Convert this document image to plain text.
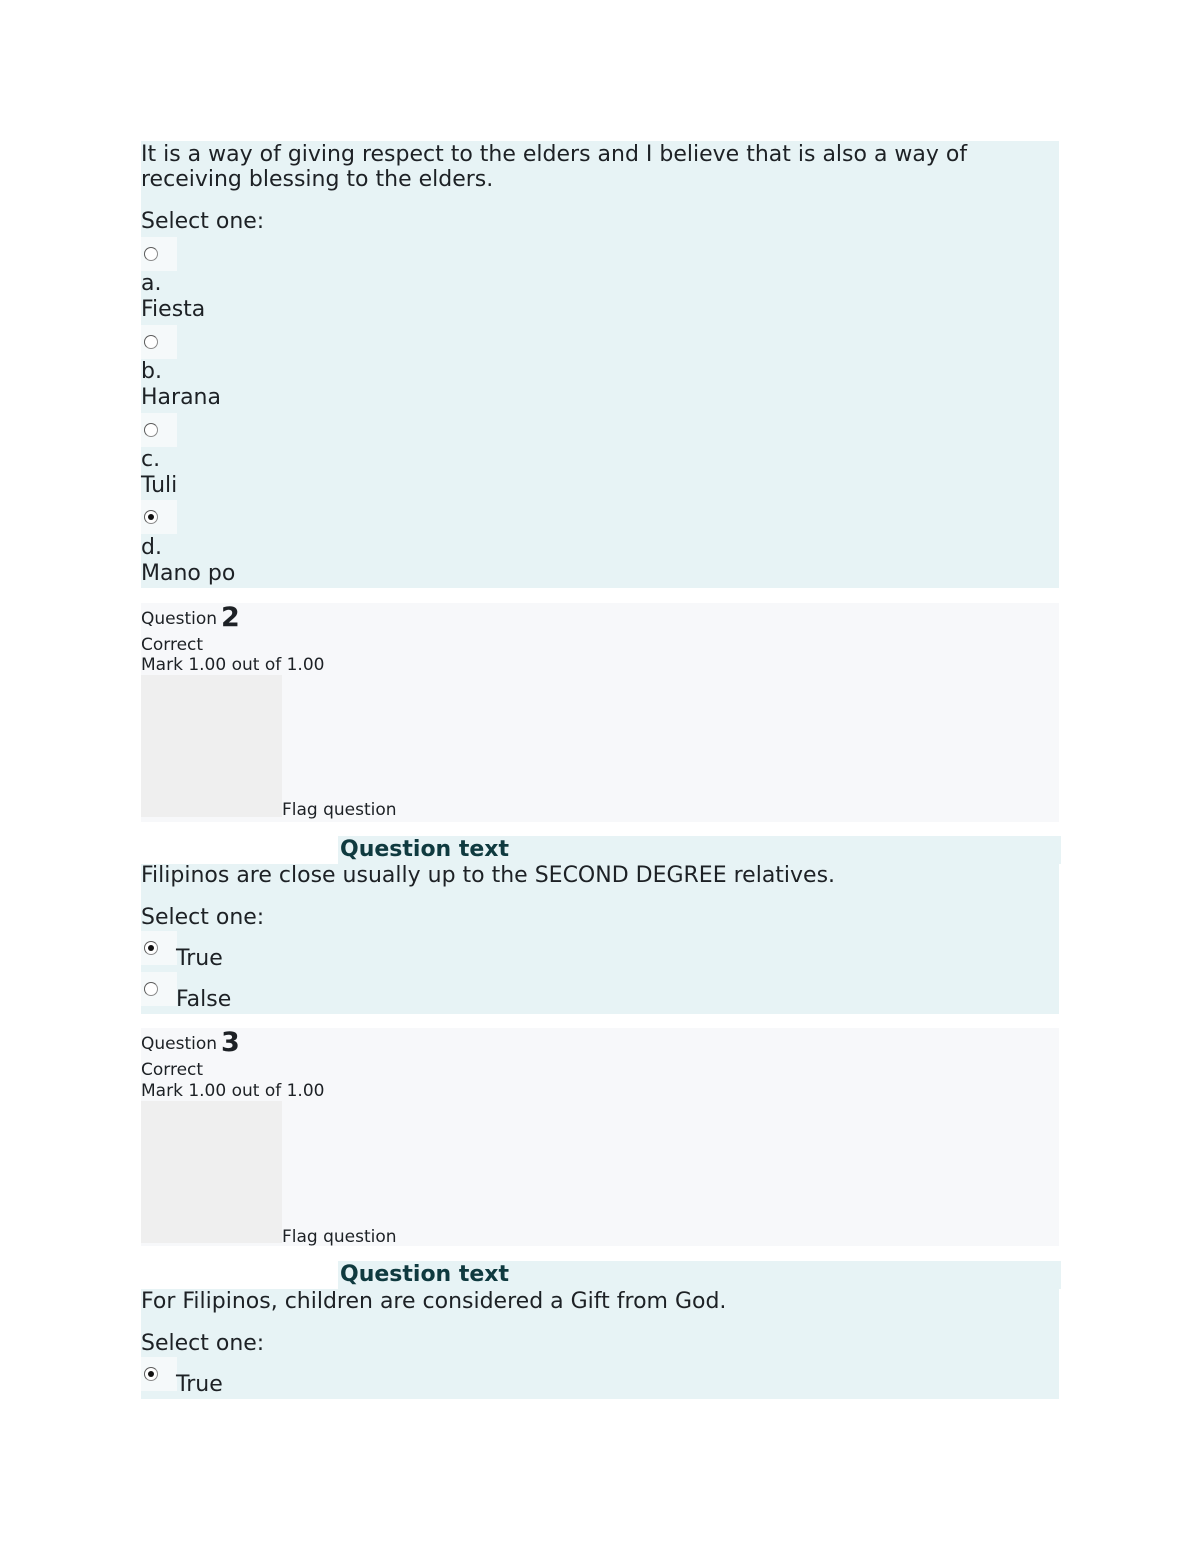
It is a way of giving respect to the elders and I believe that is also a way of
receiving blessing to the elders.
Select one:
a.
Fiesta
b.
Harana
c.
Tuli
d.
Mano po
Question 2
Correct
Mark 1.00 out of 1.00
Flag question
Question text
Filipinos are close usually up to the SECOND DEGREE relatives.
Select one:
True
False
Question 3
Correct
Mark 1.00 out of 1.00
Flag question
Question text
For Filipinos, children are considered a Gift from God.
Select one:
True
